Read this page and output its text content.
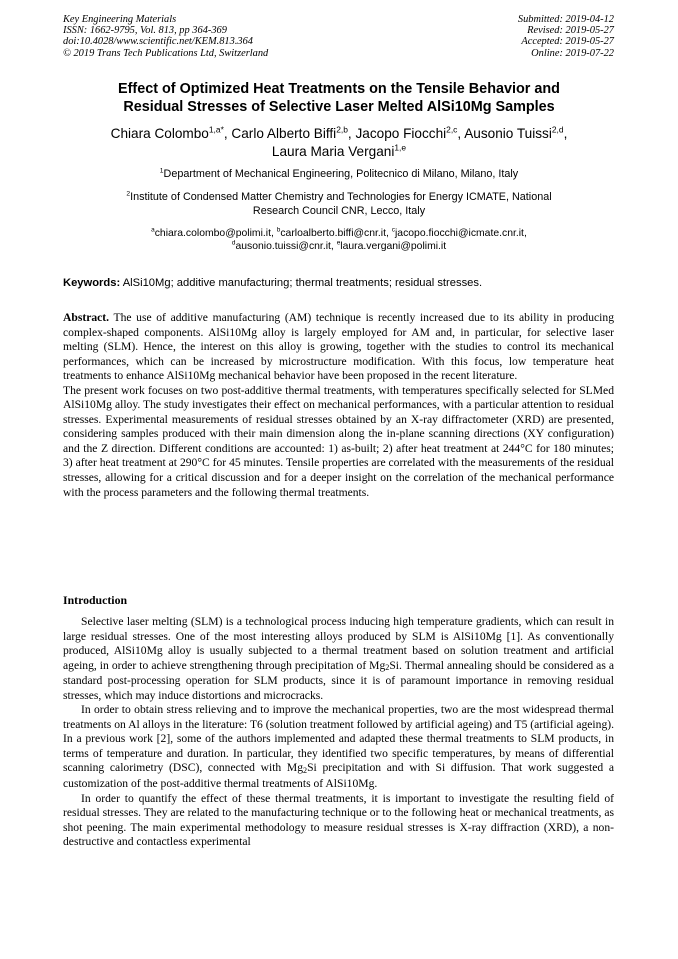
Key Engineering Materials
ISSN: 1662-9795, Vol. 813, pp 364-369
doi:10.4028/www.scientific.net/KEM.813.364
© 2019 Trans Tech Publications Ltd, Switzerland
Submitted: 2019-04-12
Revised: 2019-05-27
Accepted: 2019-05-27
Online: 2019-07-22
Effect of Optimized Heat Treatments on the Tensile Behavior and
Residual Stresses of Selective Laser Melted AlSi10Mg Samples
Chiara Colombo$^{1,a*}$, Carlo Alberto Biffi$^{2,b}$, Jacopo Fiocchi$^{2,c}$, Ausonio Tuissi$^{2,d}$,
Laura Maria Vergani$^{1,e}$
$^1$Department of Mechanical Engineering, Politecnico di Milano, Milano, Italy
$^2$Institute of Condensed Matter Chemistry and Technologies for Energy ICMATE, National
Research Council CNR, Lecco, Italy
$^a$chiara.colombo@polimi.it, $^b$carloalberto.biffi@cnr.it, $^c$jacopo.fiocchi@icmate.cnr.it,
$^d$ausonio.tuissi@cnr.it, $^e$laura.vergani@polimi.it
Keywords: AlSi10Mg; additive manufacturing; thermal treatments; residual stresses.

Abstract. The use of additive manufacturing (AM) technique is recently increased due to its ability in producing complex-shaped components. AlSi10Mg alloy is largely employed for AM and, in particular, for selective laser melting (SLM). Hence, the interest on this alloy is growing, together with the studies to control its mechanical performances, which can be increased by microstructure modification. With this focus, low temperature heat treatments to enhance AlSi10Mg mechanical behavior have been proposed in the recent literature.

The present work focuses on two post-additive thermal treatments, with temperatures specifically selected for SLMed AlSi10Mg alloy. The study investigates their effect on mechanical performances, with a particular attention to residual stresses. Experimental measurements of residual stresses obtained by an X-ray diffractometer (XRD) are presented, considering samples produced with their main dimension along the in-plane scanning directions (XY configuration) and the Z direction. Different conditions are accounted: 1) as-built; 2) after heat treatment at 244°C for 180 minutes; 3) after heat treatment at 290°C for 45 minutes. Tensile properties are correlated with the measurements of the residual stresses, allowing for a critical discussion and for a deeper insight on the correlation of the mechanical performance with the process parameters and the following thermal treatments.

Introduction

Selective laser melting (SLM) is a technological process inducing high temperature gradients, which can result in large residual stresses. One of the most interesting alloys produced by SLM is AlSi10Mg [1]. As conventionally produced, AlSi10Mg alloy is usually subjected to a thermal treatment based on solution treatment and artificial ageing, in order to achieve strengthening through precipitation of $Mg_2Si$. Thermal annealing should be considered as a standard post-processing operation for SLM products, since it is of paramount importance in removing residual stresses, which may induce distortions and microcracks.

In order to obtain stress relieving and to improve the mechanical properties, two are the most widespread thermal treatments on Al alloys in the literature: T6 (solution treatment followed by artificial ageing) and T5 (artificial ageing). In a previous work [2], some of the authors implemented and adapted these thermal treatments to SLM products, in terms of temperature and duration. In particular, they identified two specific temperatures, by means of differential scanning calorimetry (DSC), connected with $Mg_2Si$ precipitation and with Si diffusion. That work suggested a customization of the post-additive thermal treatments of AlSi10Mg.

In order to quantify the effect of these thermal treatments, it is important to investigate the resulting field of residual stresses. They are related to the manufacturing technique or to the following heat or mechanical treatments, as shot peening. The main experimental methodology to measure residual stresses is X-ray diffraction (XRD), a non-destructive and contactless experimental
